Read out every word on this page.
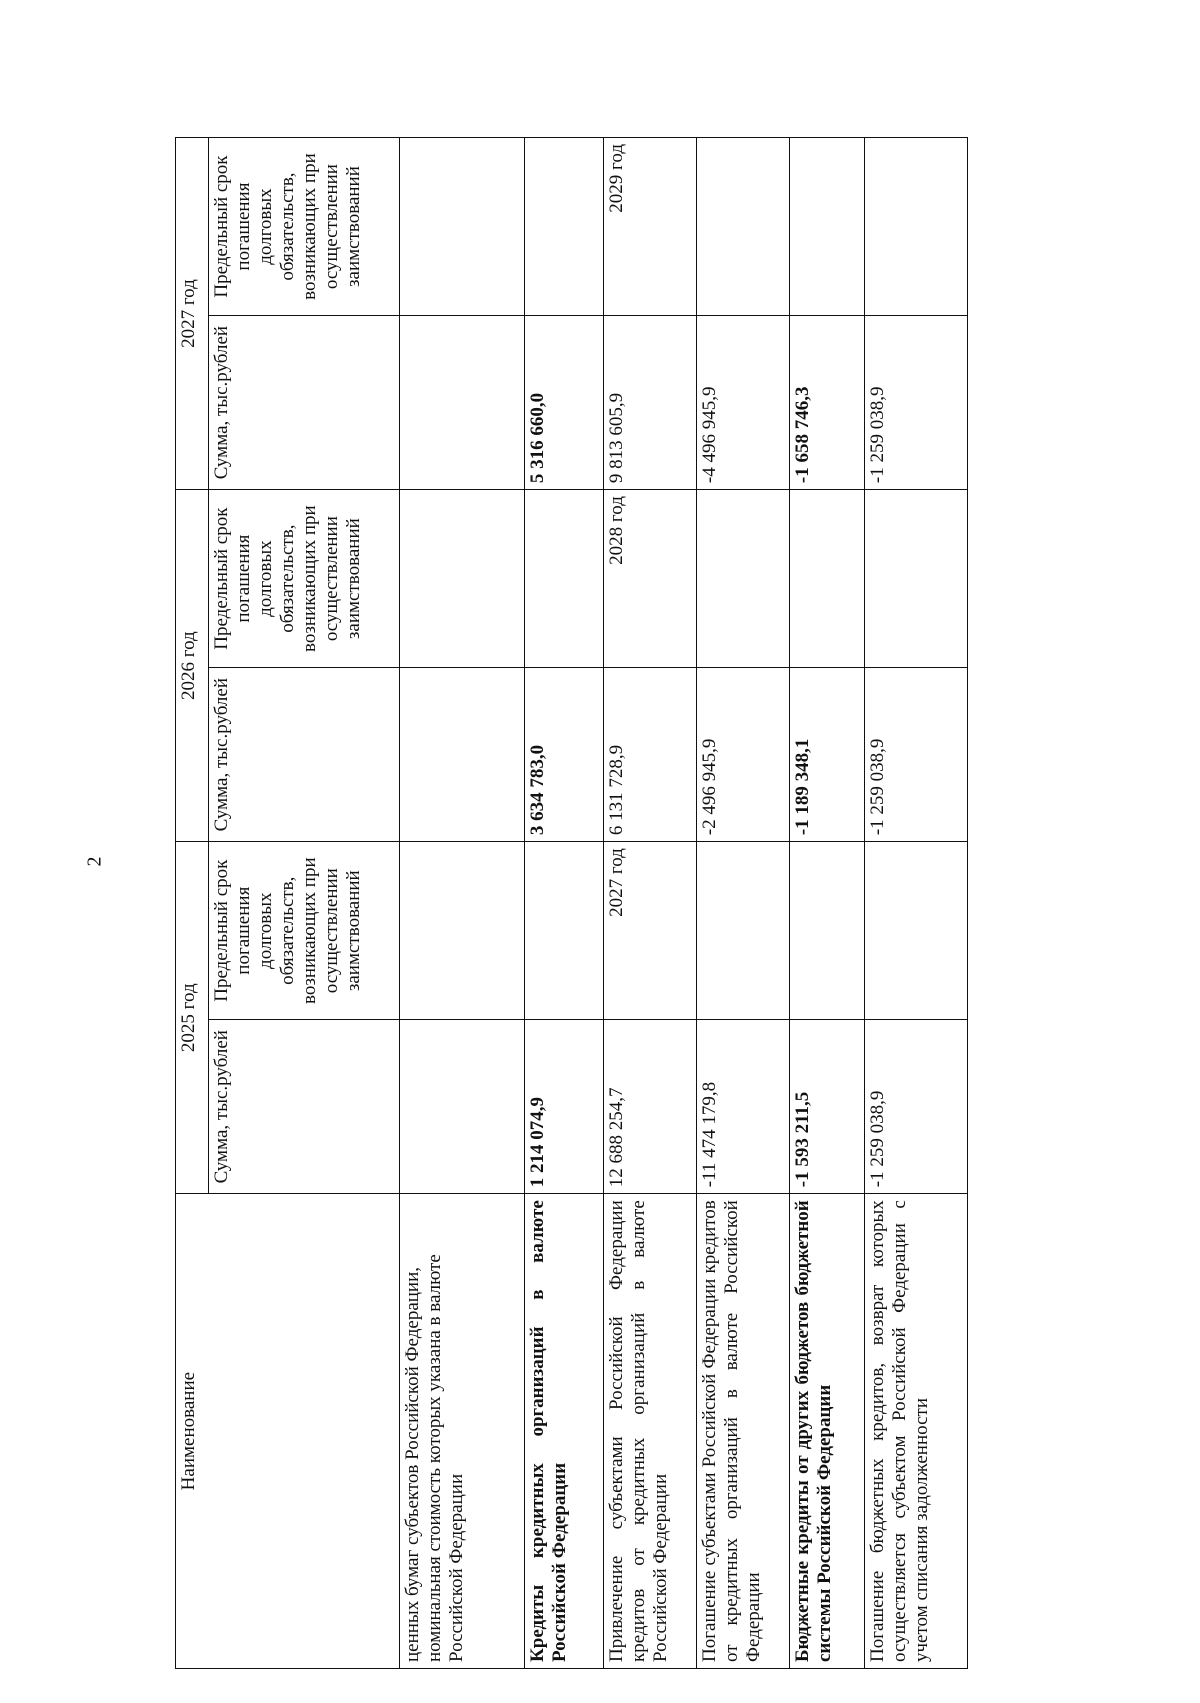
2
Наименование	2025 год		2026 год		2027 год	
	Сумма, тыс.рублей	Предельный срок погашения долговых обязательств, возникающих при осуществлении заимствований	Сумма, тыс.рублей	Предельный срок погашения долговых обязательств, возникающих при осуществлении заимствований	Сумма, тыс.рублей	Предельный срок погашения долговых обязательств, возникающих при осуществлении заимствований
ценных бумаг субъектов Российской Федерации, номинальная стоимость которых указана в валюте Российской Федерации						
Кредиты кредитных организаций в валюте Российской Федерации	1 214 074,9		3 634 783,0		5 316 660,0	
Привлечение субъектами Российской Федерации кредитов от кредитных организаций в валюте Российской Федерации	12 688 254,7	2027 год	6 131 728,9	2028 год	9 813 605,9	2029 год
Погашение субъектами Российской Федерации кредитов от кредитных организаций в валюте Российской Федерации	-11 474 179,8		-2 496 945,9		-4 496 945,9	
Бюджетные кредиты от других бюджетов бюджетной системы Российской Федерации	-1 593 211,5		-1 189 348,1		-1 658 746,3	
Погашение бюджетных кредитов, возврат которых осуществляется субъектом Российской Федерации с учетом списания задолженности	-1 259 038,9		-1 259 038,9		-1 259 038,9	
